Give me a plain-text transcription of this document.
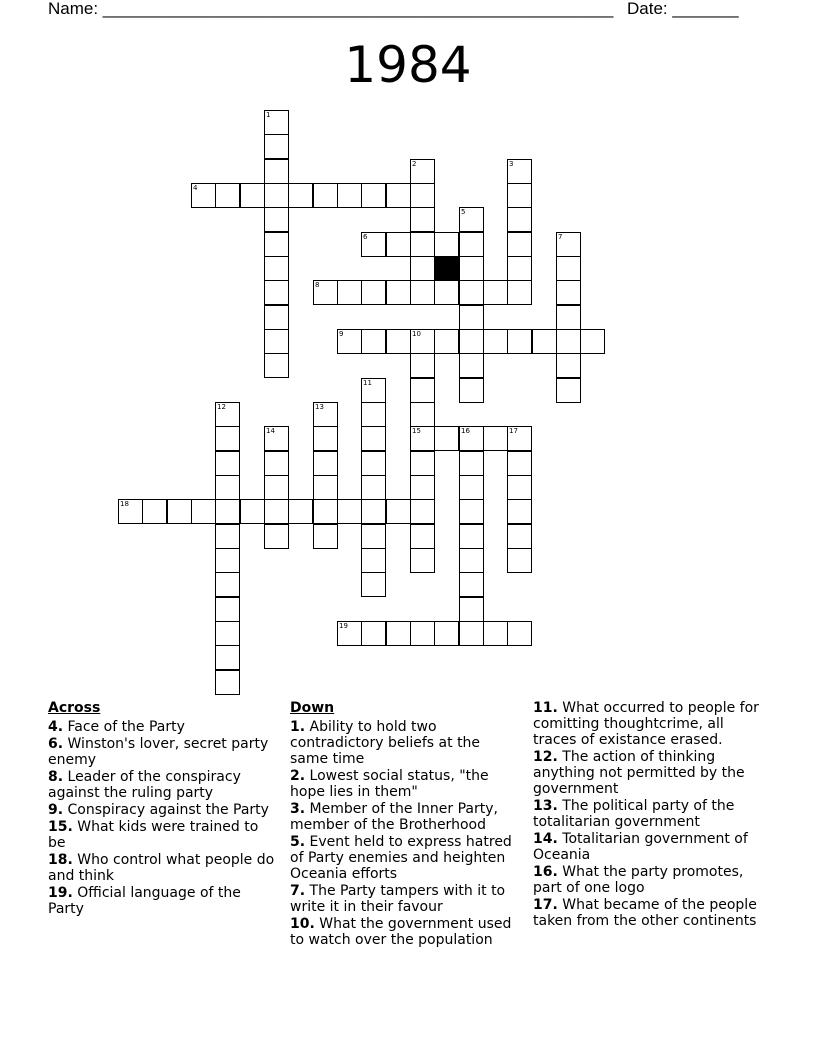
Name: ______________________________________________________ Date: _______
1984
1
2	3
4
5
6	7
8
9	10
15
11
12	13
14	16	17
18
19
Across
4. Face of the Party
6. Winston's lover, secret party enemy
8. Leader of the conspiracy against the ruling party
9. Conspiracy against the Party
15. What kids were trained to be
18. Who control what people do and think
19. Official language of the Party
Down
1. Ability to hold two contradictory beliefs at the same time
2. Lowest social status, "the hope lies in them"
3. Member of the Inner Party, member of the Brotherhood
5. Event held to express hatred of Party enemies and heighten Oceania efforts
7. The Party tampers with it to write it in their favour
10. What the government used to watch over the population
11. What occurred to people for comitting thoughtcrime, all traces of existance erased.
12. The action of thinking anything not permitted by the government
13. The political party of the totalitarian government
14. Totalitarian government of Oceania
16. What the party promotes, part of one logo
17. What became of the people taken from the other continents
